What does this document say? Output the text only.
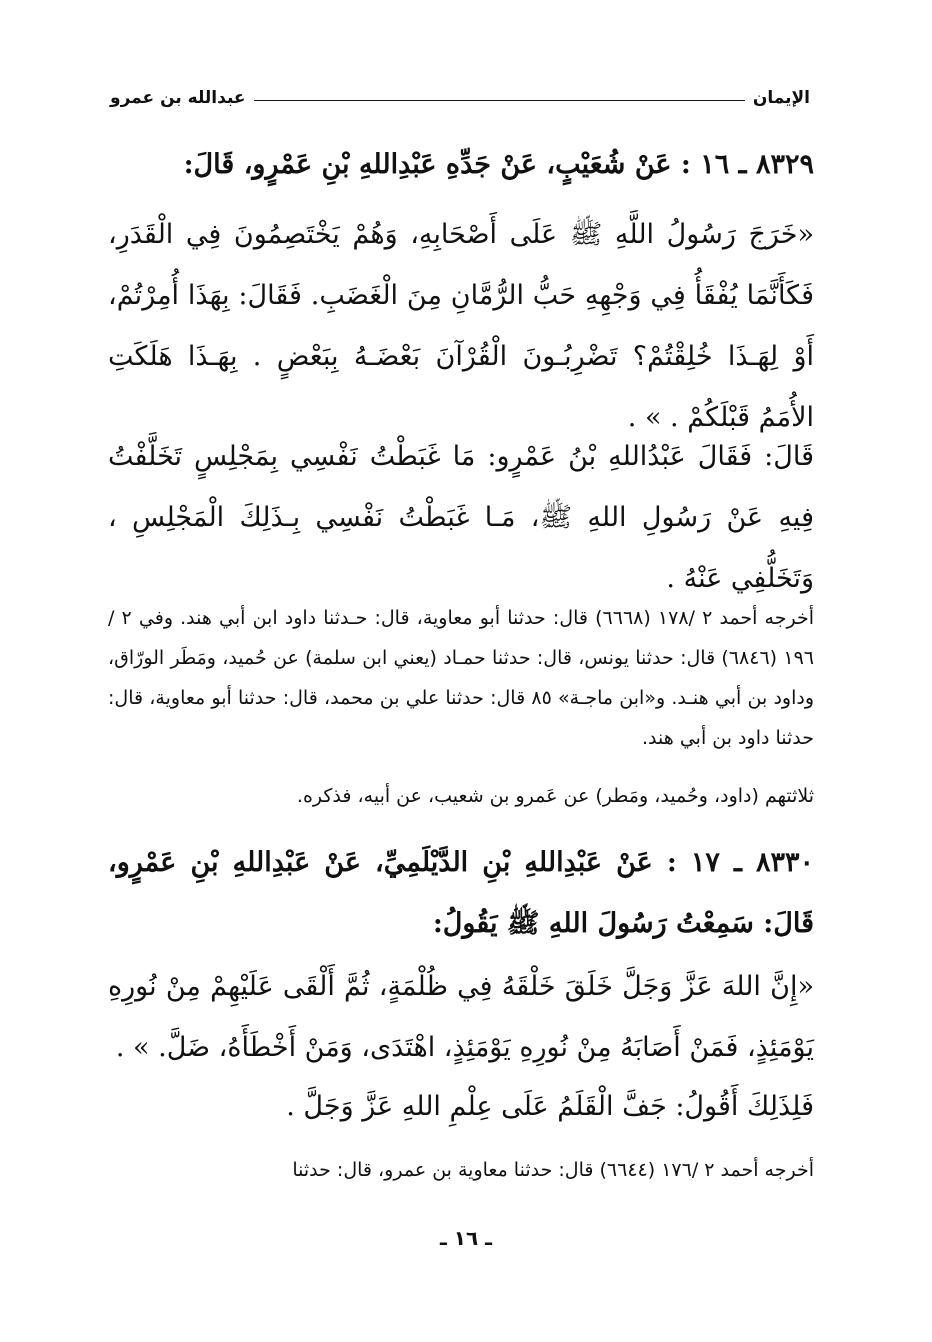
الإيمان
عبدالله بن عمرو

٨٣٢٩ ـ ١٦ : عَنْ شُعَيْبٍ، عَنْ جَدِّهِ عَبْدِاللهِ بْنِ عَمْرٍو، قَالَ:

«خَرَجَ رَسُولُ اللَّهِ ﷺ عَلَى أَصْحَابِهِ، وَهُمْ يَخْتَصِمُونَ فِي الْقَدَرِ، فَكَأَنَّمَا يُفْقَأُ فِي وَجْهِهِ حَبُّ الرُّمَّانِ مِنَ الْغَضَبِ. فَقَالَ: بِهَذَا أُمِرْتُمْ، أَوْ لِهَـذَا خُلِقْتُمْ؟ تَضْرِبُـونَ الْقُرْآنَ بَعْضَـهُ بِبَعْضٍ . بِهَـذَا هَلَكَتِ الأُمَمُ قَبْلَكُمْ . » .

قَالَ: فَقَالَ عَبْدُاللهِ بْنُ عَمْرٍو: مَا غَبَطْتُ نَفْسِي بِمَجْلِسٍ تَخَلَّفْتُ فِيهِ عَنْ رَسُولِ اللهِ ﷺ، مَـا غَبَطْتُ نَفْسِي بِـذَلِكَ الْمَجْلِسِ ، وَتَخَلُّفِي عَنْهُ .

أخرجه أحمد ٢ /١٧٨ (٦٦٦٨) قال: حدثنا أبو معاوية، قال: حـدثنا داود ابن أبي هند. وفي ٢ /١٩٦ (٦٨٤٦) قال: حدثنا يونس، قال: حدثنا حمـاد (يعني ابن سلمة) عن حُميد، ومَطَر الورّاق، وداود بن أبي هنـد. و«ابن ماجـة» ٨٥ قال: حدثنا علي بن محمد، قال: حدثنا أبو معاوية، قال: حدثنا داود بن أبي هند.

ثلاثتهم (داود، وحُميد، ومَطر) عن عَمرو بن شعيب، عن أبيه، فذكره.

٨٣٣٠ ـ ١٧ : عَنْ عَبْدِاللهِ بْنِ الدَّيْلَمِيِّ، عَنْ عَبْدِاللهِ بْنِ عَمْرٍو، قَالَ: سَمِعْتُ رَسُولَ اللهِ ﷺ يَقُولُ:

«إِنَّ اللهَ عَزَّ وَجَلَّ خَلَقَ خَلْقَهُ فِي ظُلْمَةٍ، ثُمَّ أَلْقَى عَلَيْهِمْ مِنْ نُورِهِ يَوْمَئِذٍ، فَمَنْ أَصَابَهُ مِنْ نُورِهِ يَوْمَئِذٍ، اهْتَدَى، وَمَنْ أَخْطَأَهُ، ضَلَّ. » .

فَلِذَلِكَ أَقُولُ: جَفَّ الْقَلَمُ عَلَى عِلْمِ اللهِ عَزَّ وَجَلَّ .

أخرجه أحمد ٢ /١٧٦ (٦٦٤٤) قال: حدثنا معاوية بن عمرو، قال: حدثنا

ـ ١٦ ـ
